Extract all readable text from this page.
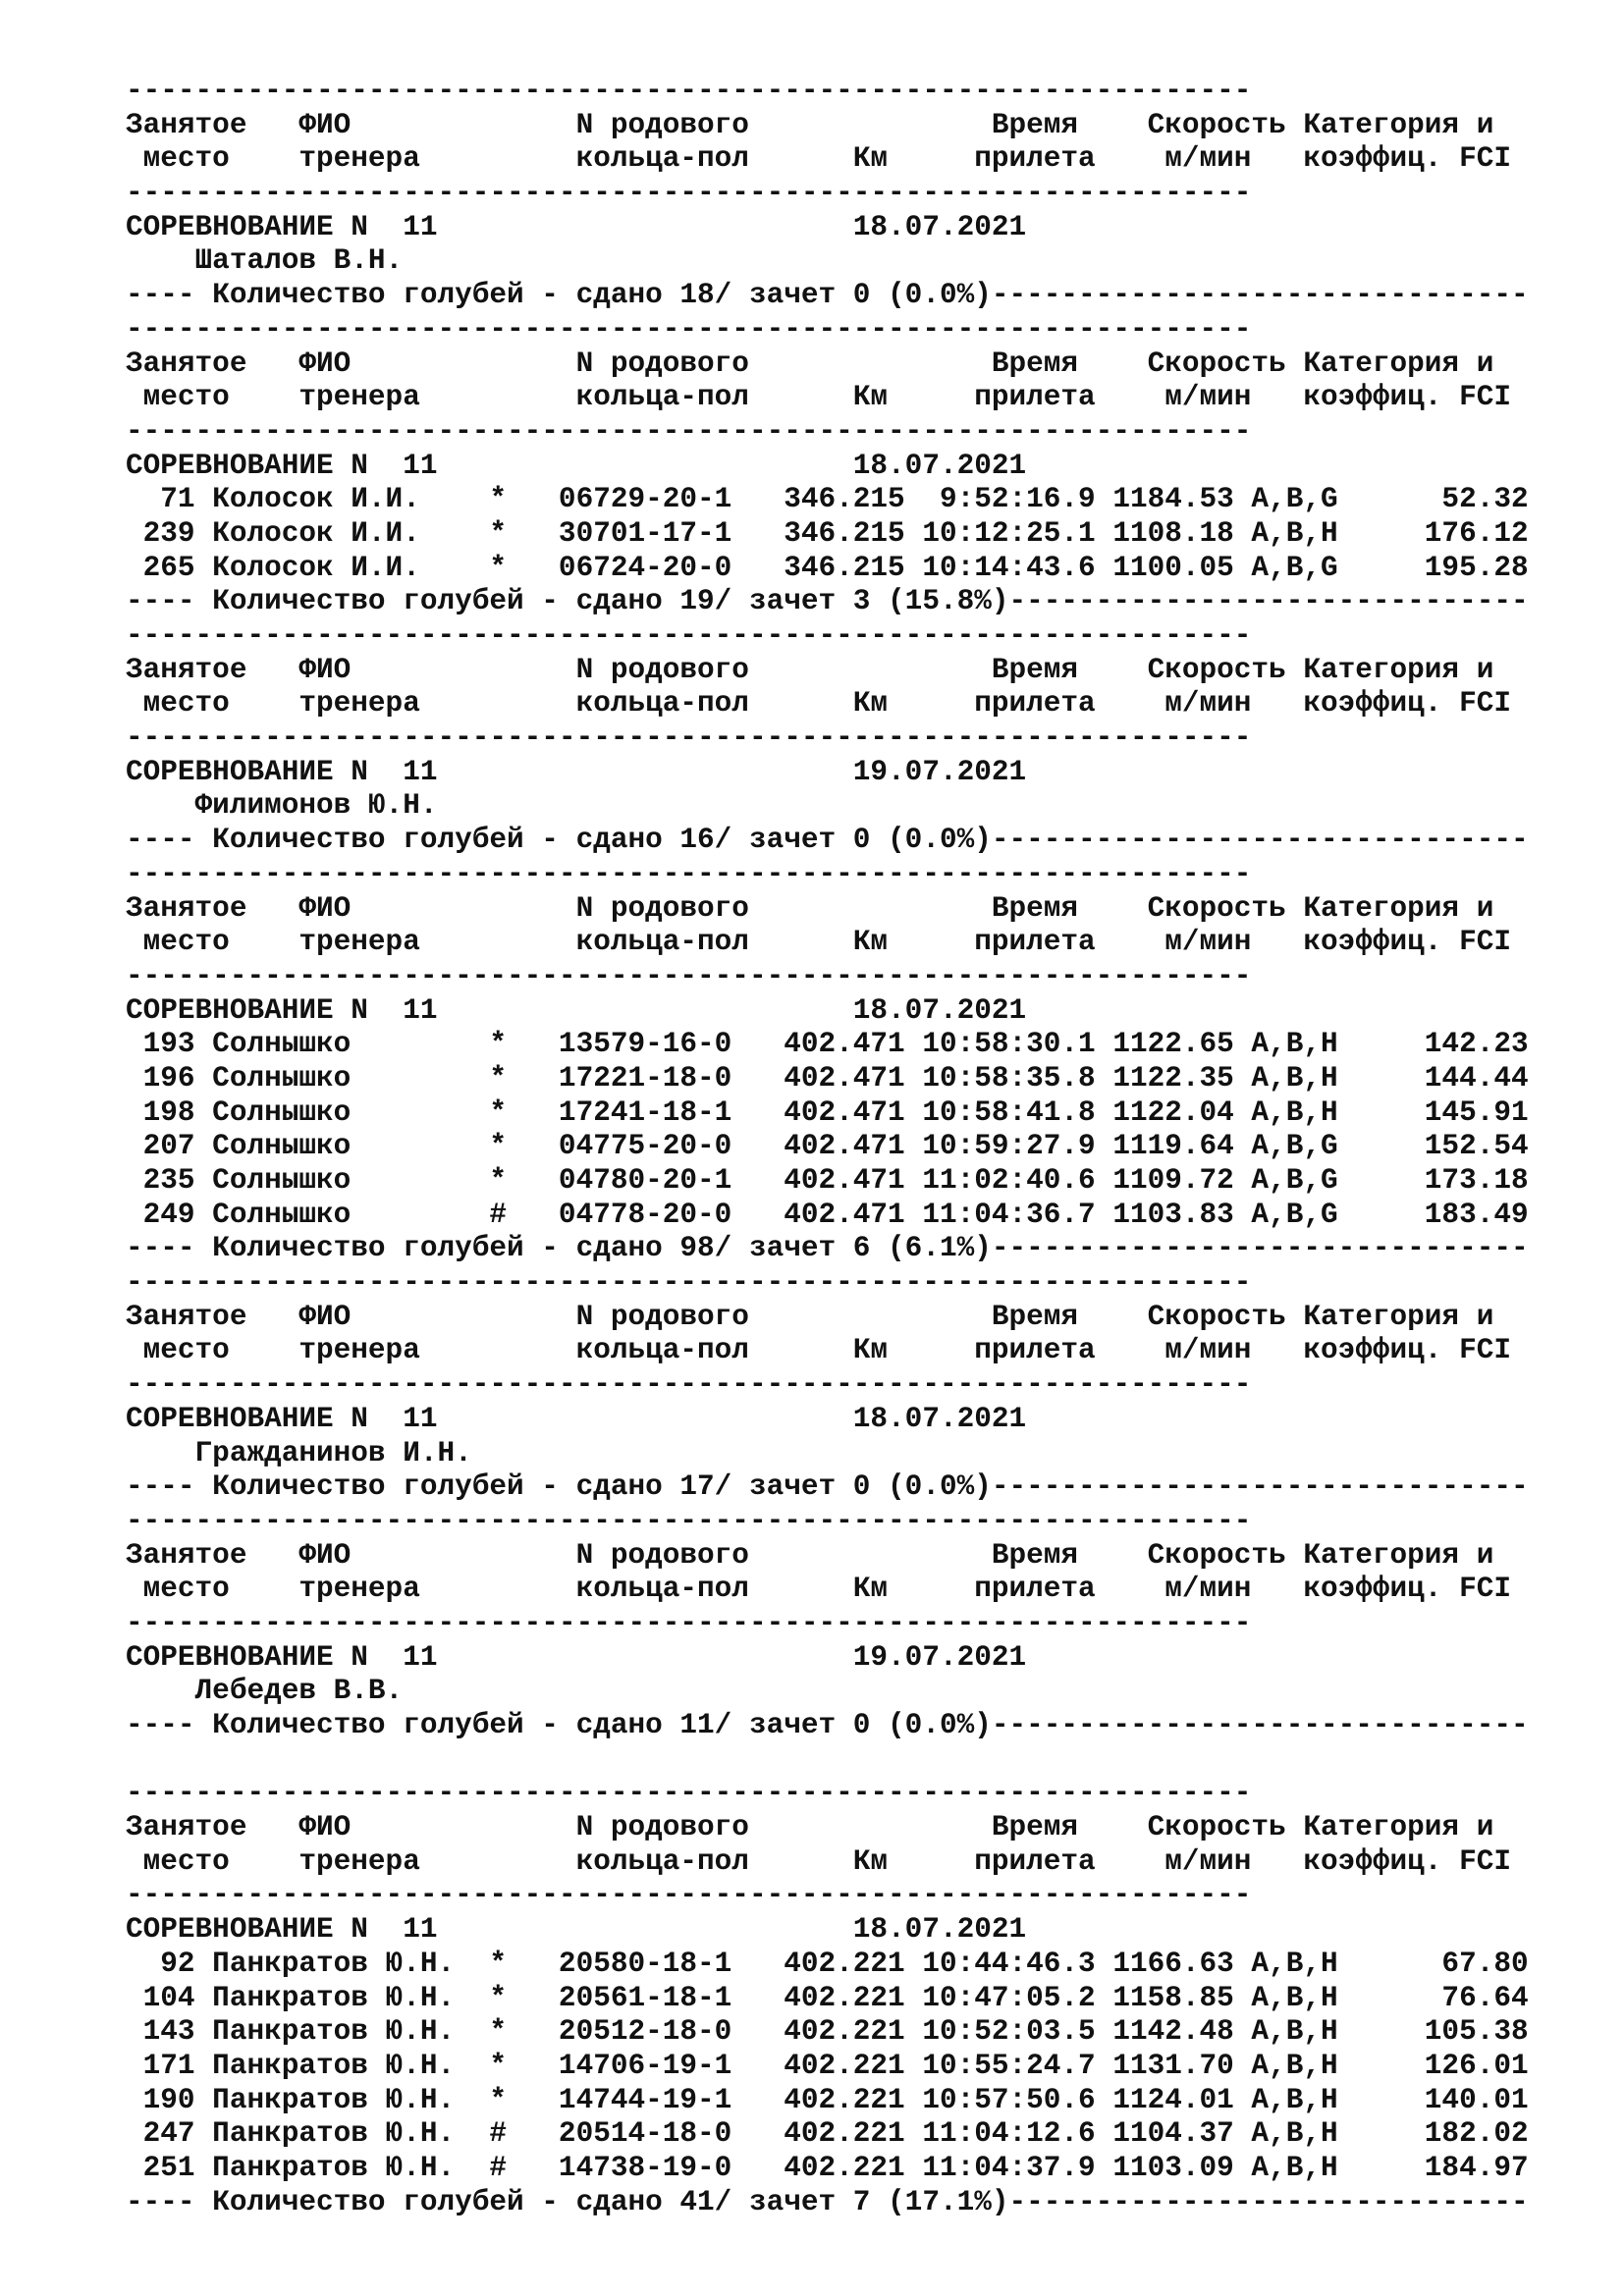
-----------------------------------------------------------------
Занятое   ФИО             N родового              Время    Скорость Категория и
место    тренера         кольца-пол      Км     прилета    м/мин   коэффиц. FCI
-----------------------------------------------------------------
СОРЕВНОВАНИЕ N  11                        18.07.2021
Шаталов В.Н.
---- Количество голубей - сдано 18/ зачет 0 (0.0%)-------------------------------
-----------------------------------------------------------------
Занятое   ФИО             N родового              Время    Скорость Категория и
место    тренера         кольца-пол      Км     прилета    м/мин   коэффиц. FCI
-----------------------------------------------------------------
СОРЕВНОВАНИЕ N  11                        18.07.2021
71 Колосок И.И.    *   06729-20-1   346.215  9:52:16.9 1184.53 A,B,G      52.32
239 Колосок И.И.    *   30701-17-1   346.215 10:12:25.1 1108.18 A,B,H     176.12
265 Колосок И.И.    *   06724-20-0   346.215 10:14:43.6 1100.05 A,B,G     195.28
---- Количество голубей - сдано 19/ зачет 3 (15.8%)------------------------------
-----------------------------------------------------------------
Занятое   ФИО             N родового              Время    Скорость Категория и
место    тренера         кольца-пол      Км     прилета    м/мин   коэффиц. FCI
-----------------------------------------------------------------
СОРЕВНОВАНИЕ N  11                        19.07.2021
Филимонов Ю.Н.
---- Количество голубей - сдано 16/ зачет 0 (0.0%)-------------------------------
-----------------------------------------------------------------
Занятое   ФИО             N родового              Время    Скорость Категория и
место    тренера         кольца-пол      Км     прилета    м/мин   коэффиц. FCI
-----------------------------------------------------------------
СОРЕВНОВАНИЕ N  11                        18.07.2021
193 Солнышко        *   13579-16-0   402.471 10:58:30.1 1122.65 A,B,H     142.23
196 Солнышко        *   17221-18-0   402.471 10:58:35.8 1122.35 A,B,H     144.44
198 Солнышко        *   17241-18-1   402.471 10:58:41.8 1122.04 A,B,H     145.91
207 Солнышко        *   04775-20-0   402.471 10:59:27.9 1119.64 A,B,G     152.54
235 Солнышко        *   04780-20-1   402.471 11:02:40.6 1109.72 A,B,G     173.18
249 Солнышко        #   04778-20-0   402.471 11:04:36.7 1103.83 A,B,G     183.49
---- Количество голубей - сдано 98/ зачет 6 (6.1%)-------------------------------
-----------------------------------------------------------------
Занятое   ФИО             N родового              Время    Скорость Категория и
место    тренера         кольца-пол      Км     прилета    м/мин   коэффиц. FCI
-----------------------------------------------------------------
СОРЕВНОВАНИЕ N  11                        18.07.2021
Гражданинов И.Н.
---- Количество голубей - сдано 17/ зачет 0 (0.0%)-------------------------------
-----------------------------------------------------------------
Занятое   ФИО             N родового              Время    Скорость Категория и
место    тренера         кольца-пол      Км     прилета    м/мин   коэффиц. FCI
-----------------------------------------------------------------
СОРЕВНОВАНИЕ N  11                        19.07.2021
Лебедев В.В.
---- Количество голубей - сдано 11/ зачет 0 (0.0%)-------------------------------
-----------------------------------------------------------------
Занятое   ФИО             N родового              Время    Скорость Категория и
место    тренера         кольца-пол      Км     прилета    м/мин   коэффиц. FCI
-----------------------------------------------------------------
СОРЕВНОВАНИЕ N  11                        18.07.2021
92 Панкратов Ю.Н.  *   20580-18-1   402.221 10:44:46.3 1166.63 A,B,H      67.80
104 Панкратов Ю.Н.  *   20561-18-1   402.221 10:47:05.2 1158.85 A,B,H      76.64
143 Панкратов Ю.Н.  *   20512-18-0   402.221 10:52:03.5 1142.48 A,B,H     105.38
171 Панкратов Ю.Н.  *   14706-19-1   402.221 10:55:24.7 1131.70 A,B,H     126.01
190 Панкратов Ю.Н.  *   14744-19-1   402.221 10:57:50.6 1124.01 A,B,H     140.01
247 Панкратов Ю.Н.  #   20514-18-0   402.221 11:04:12.6 1104.37 A,B,H     182.02
251 Панкратов Ю.Н.  #   14738-19-0   402.221 11:04:37.9 1103.09 A,B,H     184.97
---- Количество голубей - сдано 41/ зачет 7 (17.1%)------------------------------
